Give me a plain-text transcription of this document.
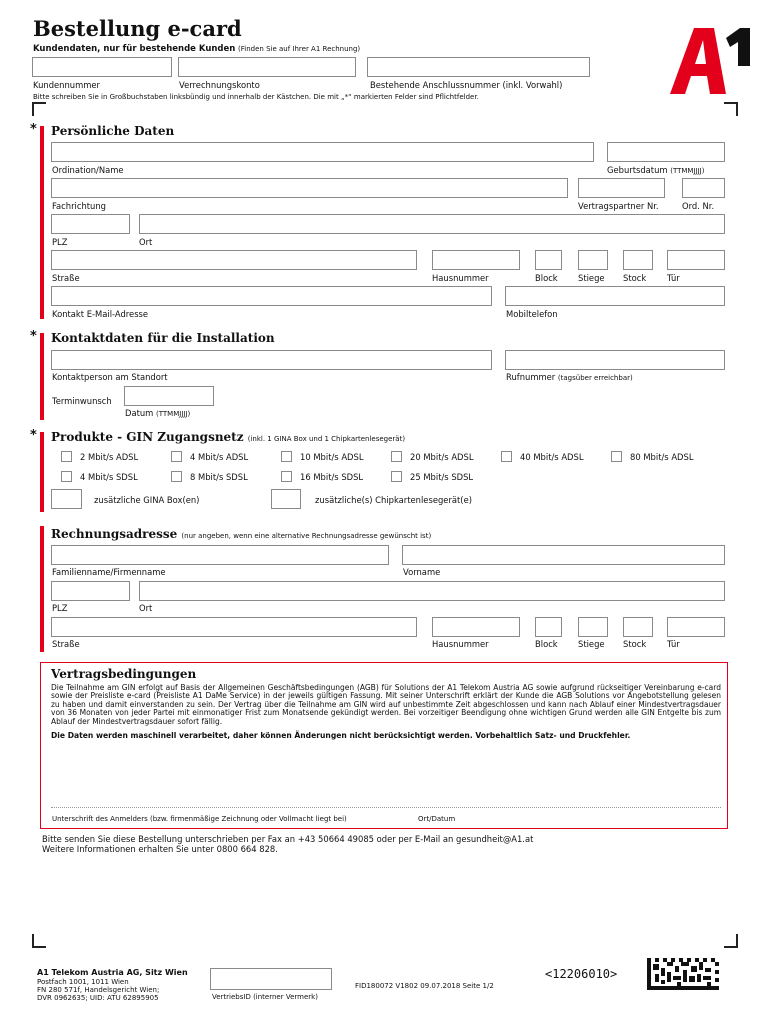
Bestellung e-card
Kundendaten, nur für bestehende Kunden (Finden Sie auf Ihrer A1 Rechnung)
Kundennummer	Verrechnungskonto	Bestehende Anschlussnummer (inkl. Vorwahl)
Bitte schreiben Sie in Großbuchstaben linksbündig und innerhalb der Kästchen. Die mit „*“ markierten Felder sind Pflichtfelder.
* Persönliche Daten
Ordination/Name	Geburtsdatum (TTMMJJJJ)
Fachrichtung	Vertragspartner Nr.	Ord. Nr.
PLZ	Ort
Straße	Hausnummer	Block Stiege Stock Tür
Kontakt E-Mail-Adresse	Mobiltelefon
* Kontaktdaten für die Installation
Kontaktperson am Standort	Rufnummer (tagsüber erreichbar)
Terminwunsch
Datum (TTMMJJJJ)
* Produkte - GIN Zugangsnetz (inkl. 1 GINA Box und 1 Chipkartenlesegerät)
2 Mbit/s ADSL	4 Mbit/s ADSL	10 Mbit/s ADSL	20 Mbit/s ADSL	40 Mbit/s ADSL	80 Mbit/s ADSL
4 Mbit/s SDSL	8 Mbit/s SDSL	16 Mbit/s SDSL	25 Mbit/s SDSL
zusätzliche GINA Box(en)	zusätzliche(s) Chipkartenlesegerät(e)
Rechnungsadresse (nur angeben, wenn eine alternative Rechnungsadresse gewünscht ist)
Familienname/Firmenname	Vorname
PLZ	Ort
Straße	Hausnummer	Block Stiege Stock Tür
Vertragsbedingungen
Die Teilnahme am GIN erfolgt auf Basis der Allgemeinen Geschäftsbedingungen (AGB) für Solutions der A1 Telekom Austria AG sowie aufgrund rückseitiger Vereinbarung e-card sowie der Preisliste e-card (Preisliste A1 DaMe Service) in der jeweils gültigen Fassung. Mit seiner Unterschrift erklärt der Kunde die AGB Solutions vor Angebotstellung gelesen zu haben und damit einverstanden zu sein. Der Vertrag über die Teilnahme am GIN wird auf unbestimmte Zeit abgeschlossen und kann nach Ablauf einer Mindestvertragsdauer von 36 Monaten von jeder Partei mit einmonatiger Frist zum Monatsende gekündigt werden. Bei vorzeitiger Beendigung ohne wichtigen Grund werden alle GIN Entgelte bis zum Ablauf der Mindestvertragsdauer sofort fällig.
Die Daten werden maschinell verarbeitet, daher können Änderungen nicht berücksichtigt werden. Vorbehaltlich Satz- und Druckfehler.
Unterschrift des Anmelders (bzw. firmenmäßige Zeichnung oder Vollmacht liegt bei)	Ort/Datum
Bitte senden Sie diese Bestellung unterschrieben per Fax an +43 50664 49085 oder per E-Mail an gesundheit@A1.at
Weitere Informationen erhalten Sie unter 0800 664 828.
A1 Telekom Austria AG, Sitz Wien
Postfach 1001, 1011 Wien
FN 280 571f, Handelsgericht Wien;
DVR 0962635; UID: ATU 62895905	VertriebsID (interner Vermerk)
FID180072 V1802 09.07.2018 Seite 1/2
<12206010>
